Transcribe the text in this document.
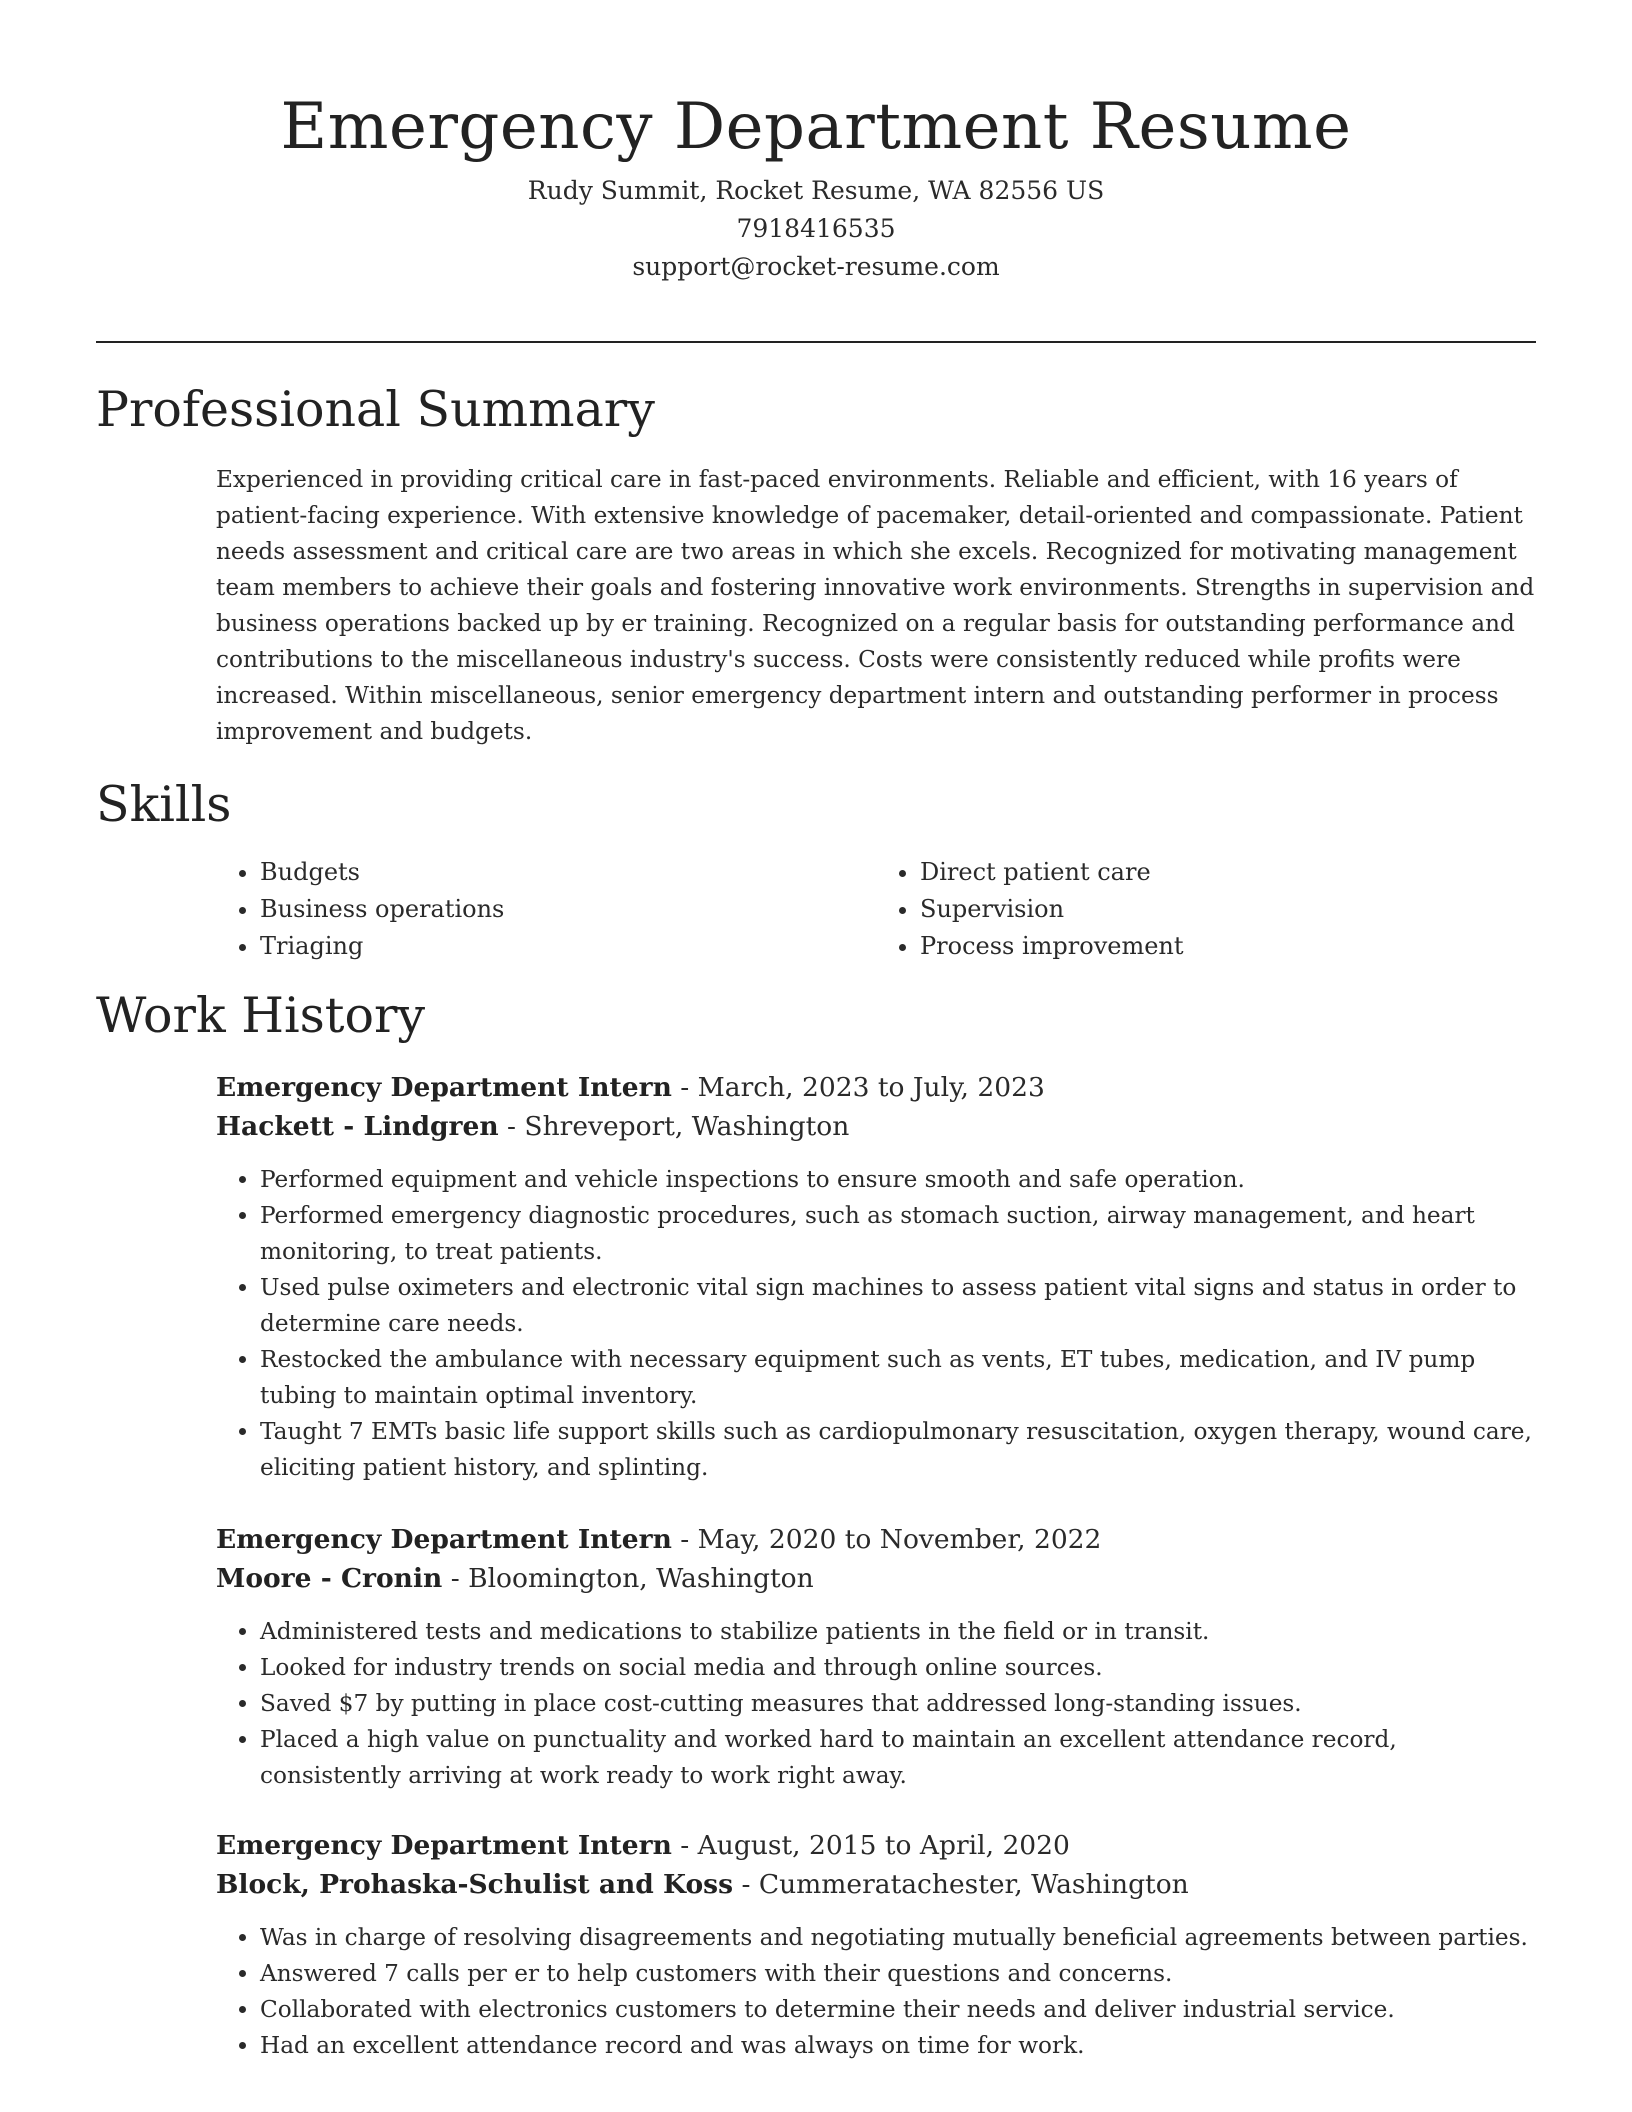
Emergency Department Resume
Rudy Summit, Rocket Resume, WA 82556 US
7918416535
support@rocket-resume.com
Professional Summary

Experienced in providing critical care in fast-paced environments. Reliable and efficient, with 16 years of patient-facing experience. With extensive knowledge of pacemaker, detail-oriented and compassionate. Patient needs assessment and critical care are two areas in which she excels. Recognized for motivating management team members to achieve their goals and fostering innovative work environments. Strengths in supervision and business operations backed up by er training. Recognized on a regular basis for outstanding performance and contributions to the miscellaneous industry's success. Costs were consistently reduced while profits were increased. Within miscellaneous, senior emergency department intern and outstanding performer in process improvement and budgets.

Skills
• Budgets
• Business operations
• Triaging
• Direct patient care
• Supervision
• Process improvement
Work History
Emergency Department Intern - March, 2023 to July, 2023
Hackett - Lindgren - Shreveport, Washington
• Performed equipment and vehicle inspections to ensure smooth and safe operation.
• Performed emergency diagnostic procedures, such as stomach suction, airway management, and heart monitoring, to treat patients.
• Used pulse oximeters and electronic vital sign machines to assess patient vital signs and status in order to determine care needs.
• Restocked the ambulance with necessary equipment such as vents, ET tubes, medication, and IV pump tubing to maintain optimal inventory.
• Taught 7 EMTs basic life support skills such as cardiopulmonary resuscitation, oxygen therapy, wound care, eliciting patient history, and splinting.
Emergency Department Intern - May, 2020 to November, 2022
Moore - Cronin - Bloomington, Washington
• Administered tests and medications to stabilize patients in the field or in transit.
• Looked for industry trends on social media and through online sources.
• Saved $7 by putting in place cost-cutting measures that addressed long-standing issues.
• Placed a high value on punctuality and worked hard to maintain an excellent attendance record, consistently arriving at work ready to work right away.
Emergency Department Intern - August, 2015 to April, 2020
Block, Prohaska-Schulist and Koss - Cummeratachester, Washington
• Was in charge of resolving disagreements and negotiating mutually beneficial agreements between parties.
• Answered 7 calls per er to help customers with their questions and concerns.
• Collaborated with electronics customers to determine their needs and deliver industrial service.
• Had an excellent attendance record and was always on time for work.
